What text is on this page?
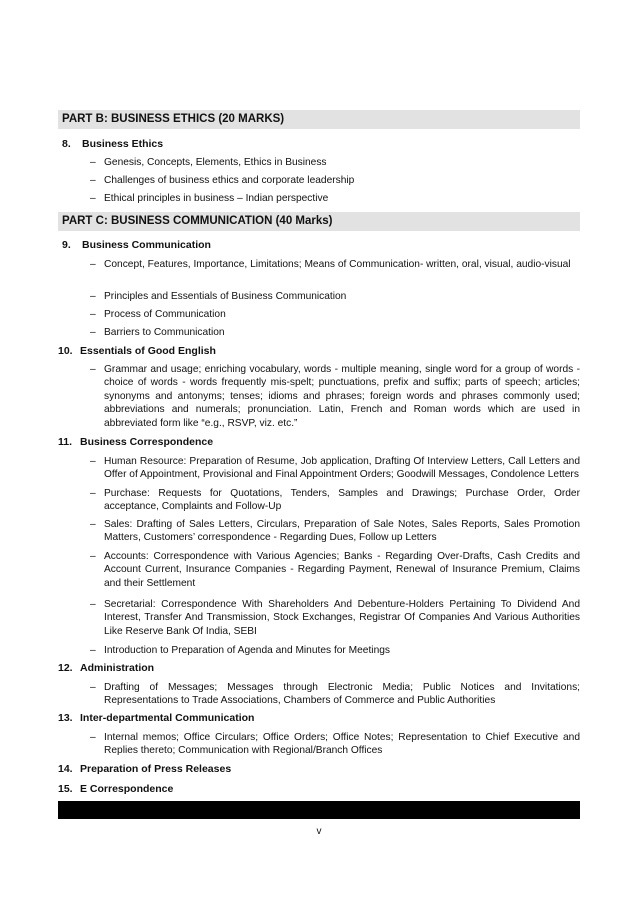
PART B: BUSINESS ETHICS (20 MARKS)
8. Business Ethics
– Genesis, Concepts, Elements, Ethics in Business
– Challenges of business ethics and corporate leadership
– Ethical principles in business – Indian perspective
PART C: BUSINESS COMMUNICATION (40 Marks)
9. Business Communication
– Concept, Features, Importance, Limitations; Means of Communication- written, oral, visual, audio-visual
– Principles and Essentials of Business Communication
– Process of Communication
– Barriers to Communication
10. Essentials of Good English
– Grammar and usage; enriching vocabulary, words - multiple meaning, single word for a group of words - choice of words - words frequently mis-spelt; punctuations, prefix and suffix; parts of speech; articles; synonyms and antonyms; tenses; idioms and phrases; foreign words and phrases commonly used; abbreviations and numerals; pronunciation. Latin, French and Roman words which are used in abbreviated form like “e.g., RSVP, viz. etc.”
11. Business Correspondence
– Human Resource: Preparation of Resume, Job application, Drafting Of Interview Letters, Call Letters and Offer of Appointment, Provisional and Final Appointment Orders; Goodwill Messages, Condolence Letters
– Purchase: Requests for Quotations, Tenders, Samples and Drawings; Purchase Order, Order acceptance, Complaints and Follow-Up
– Sales: Drafting of Sales Letters, Circulars, Preparation of Sale Notes, Sales Reports, Sales Promotion Matters, Customers’ correspondence - Regarding Dues, Follow up Letters
– Accounts: Correspondence with Various Agencies; Banks - Regarding Over-Drafts, Cash Credits and Account Current, Insurance Companies - Regarding Payment, Renewal of Insurance Premium, Claims and their Settlement
– Secretarial: Correspondence With Shareholders And Debenture-Holders Pertaining To Dividend And Interest, Transfer And Transmission, Stock Exchanges, Registrar Of Companies And Various Authorities Like Reserve Bank Of India, SEBI
– Introduction to Preparation of Agenda and Minutes for Meetings
12. Administration
– Drafting of Messages; Messages through Electronic Media; Public Notices and Invitations; Representations to Trade Associations, Chambers of Commerce and Public Authorities
13. Inter-departmental Communication
– Internal memos; Office Circulars; Office Orders; Office Notes; Representation to Chief Executive and Replies thereto; Communication with Regional/Branch Offices
14. Preparation of Press Releases
15. E Correspondence
v
